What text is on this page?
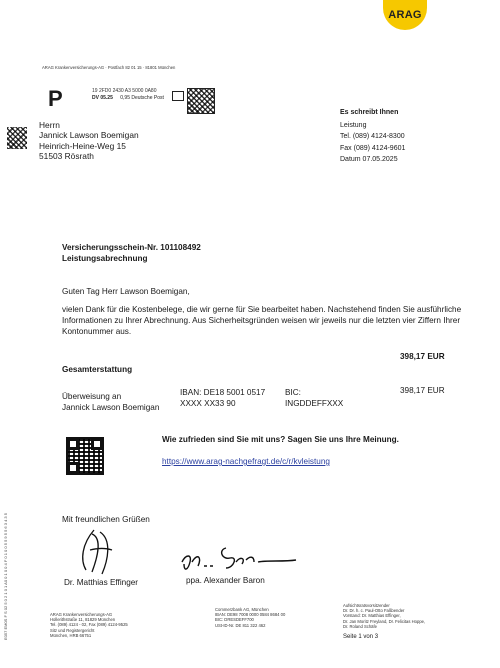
ARAG
ARAG Krankenversicherungs-AG · Postfach 82 01 15 · 81801 München
P	19 2FD0 2430 A3 5000 0A80
DV 05.25 0,95 Deutsche Post
Herrn
Jannick Lawson Boemigan
Heinrich-Heine-Weg 15
51503 Rösrath
Es schreibt Ihnen
Leistung
Tel. (089) 4124-8300
Fax (089) 4124-9601
Datum 07.05.2025
Versicherungsschein-Nr. 101108492
Leistungsabrechnung
Guten Tag Herr Lawson Boemigan,
vielen Dank für die Kostenbelege, die wir gerne für Sie bearbeitet haben. Nachstehend finden Sie ausführliche Informationen zu Ihrer Abrechnung. Aus Sicherheitsgründen weisen wir jeweils nur die letzten vier Ziffern Ihrer Kontonummer aus.
Gesamterstattung
398,17 EUR
Überweisung an
Jannick Lawson Boemigan
IBAN: DE18 5001 0517
XXXX XX33 90
BIC:
INGDDEFFXXX
398,17 EUR
Wie zufrieden sind Sie mit uns? Sagen Sie uns Ihre Meinung.
https://www.arag-nachgefragt.de/c/r/kvleistung
Mit freundlichen Grüßen
Dr. Matthias Effinger	ppa. Alexander Baron
ARAG Krankenversicherungs-AG
Hollerithstraße 11, 81829 München
Tel. (089) 4124 - 02, Fax (089) 4124-9525
Sitz und Registergericht
München, HRB 66751
Commerzbank AG, München
IBAN: DE98 7008 0000 0584 8684 00
BIC: DRESDEFF700
USt-ID-Nr. DE 811 322 462
Aufsichtsratsvorsitzender
Dr. Dr. h. c. Paul-Otto Faßbender
Vorstand: Dr. Matthias Effinger,
Dr. Jan Moritz Freyland, Dr. Felicitas Hoppe,
Dr. Roland Schäfe
Seite 1 von 3
E057 EM0S F S 02 5 0 2 1 0 1 A0 0 1 0 0 4 F 0 1 0 0 5 5 9 5 5 6 3 4 3 5
